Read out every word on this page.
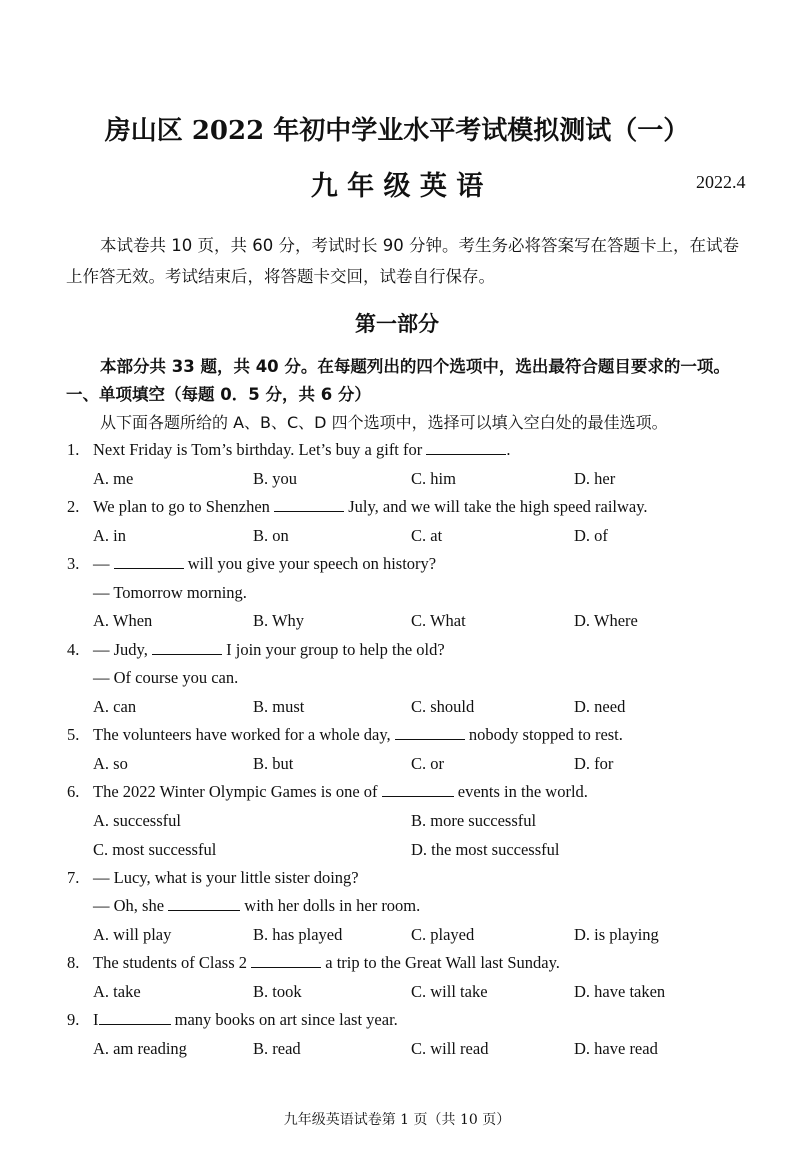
房山区 2022 年初中学业水平考试模拟测试（一）
九 年 级 英 语	2022.4
本试卷共 10 页，共 60 分，考试时长 90 分钟。考生务必将答案写在答题卡上，在试卷上作答无效。考试结束后，将答题卡交回，试卷自行保存。
第一部分
本部分共 33 题，共 40 分。在每题列出的四个选项中，选出最符合题目要求的一项。
一、单项填空（每题 0．5 分，共 6 分）
从下面各题所给的 A、B、C、D 四个选项中，选择可以填入空白处的最佳选项。
1. Next Friday is Tom’s birthday. Let’s buy a gift for	.
A. me	B. you	C. him	D. her
2. We plan to go to Shenzhen	July, and we will take the high speed railway.
A. in	B. on	C. at	D. of
3. —	will you give your speech on history?
— Tomorrow morning.
A. When	B. Why	C. What	D. Where
4. — Judy,	I join your group to help the old?
— Of course you can.
A. can	B. must	C. should	D. need
5. The volunteers have worked for a whole day,	nobody stopped to rest.
A. so	B. but	C. or	D. for
6. The 2022 Winter Olympic Games is one of	events in the world.
A. successful	B. more successful
C. most successful	D. the most successful
7. — Lucy, what is your little sister doing?
— Oh, she	with her dolls in her room.
A. will play	B. has played	C. played	D. is playing
8. The students of Class 2	a trip to the Great Wall last Sunday.
A. take	B. took	C. will take	D. have taken
9. I	many books on art since last year.
A. am reading	B. read	C. will read	D. have read
九年级英语试卷第 1 页（共 10 页）
